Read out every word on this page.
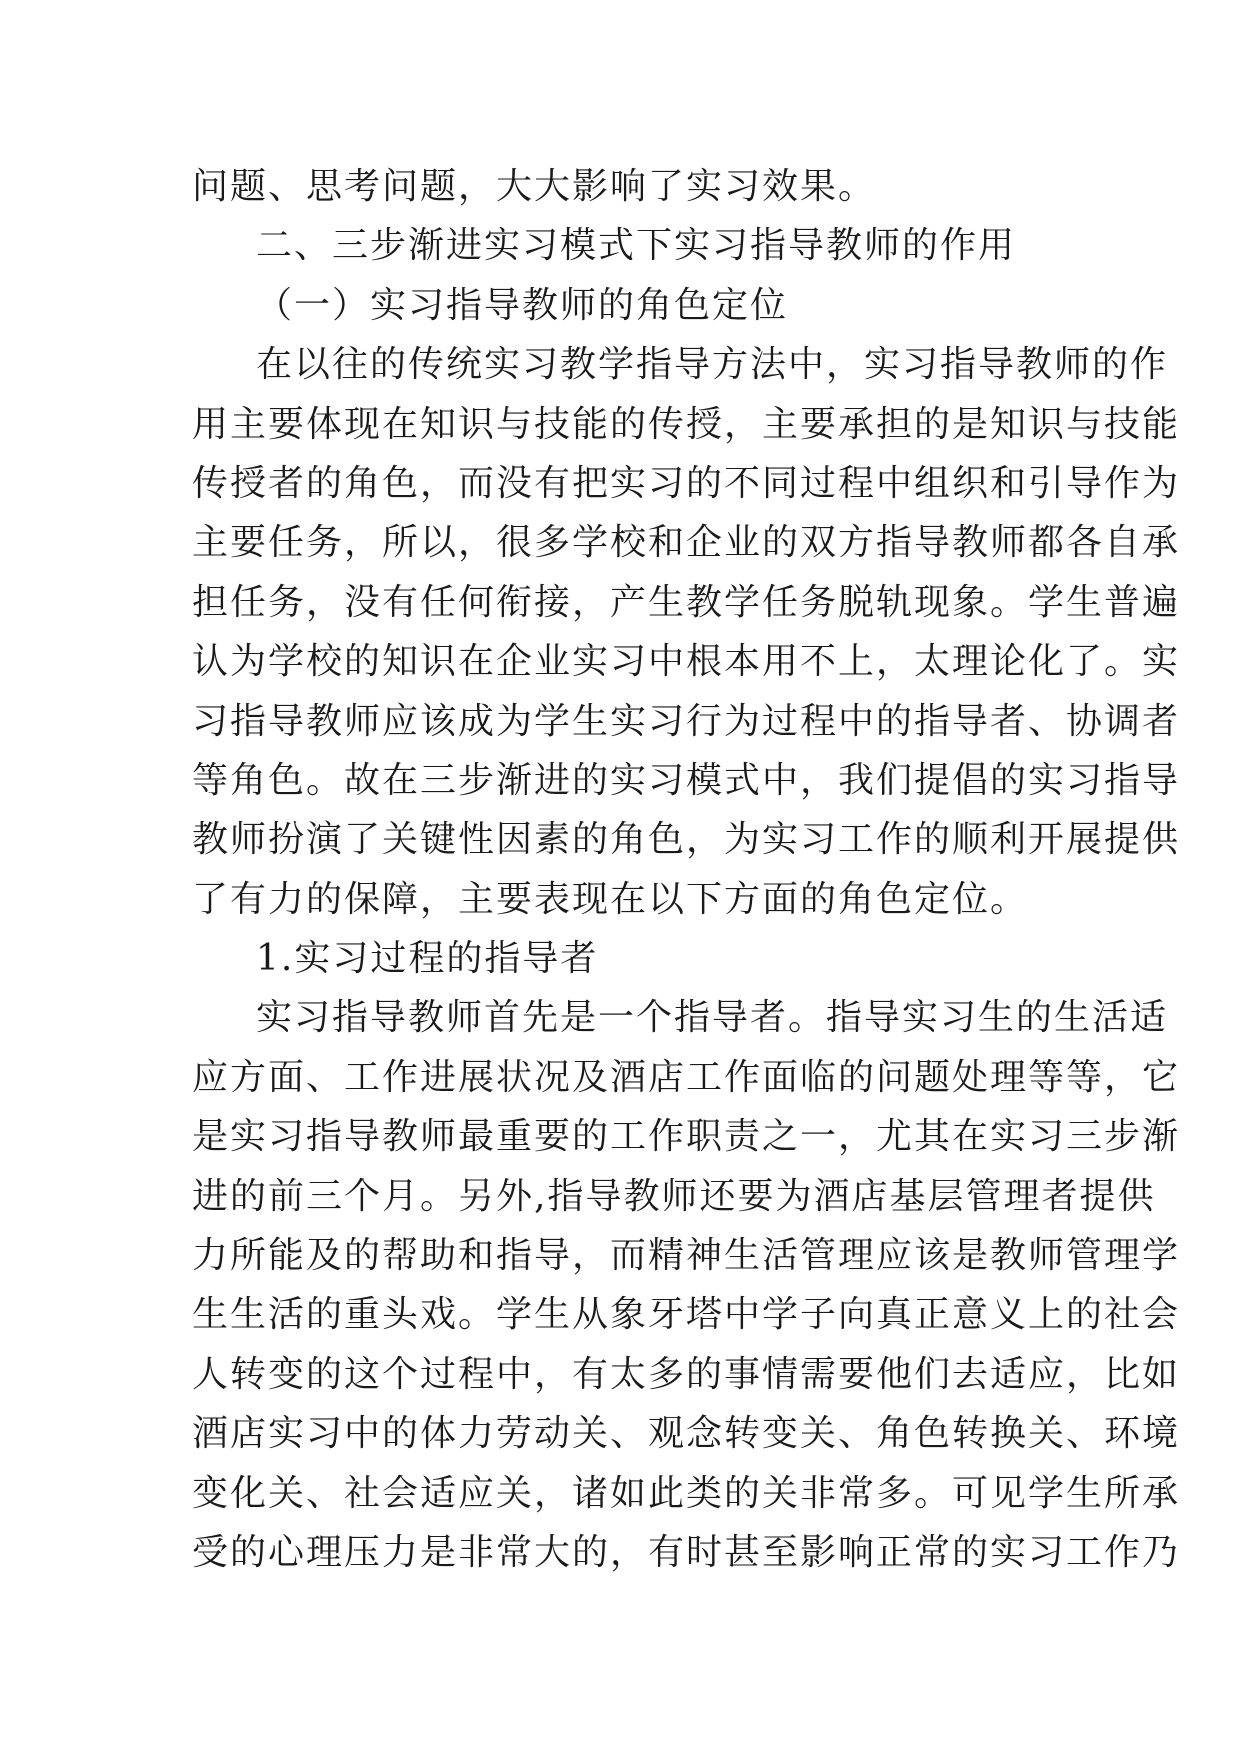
问题、思考问题，大大影响了实习效果。
二、三步渐进实习模式下实习指导教师的作用
（一）实习指导教师的角色定位
在以往的传统实习教学指导方法中，实习指导教师的作
用主要体现在知识与技能的传授，主要承担的是知识与技能
传授者的角色，而没有把实习的不同过程中组织和引导作为
主要任务，所以，很多学校和企业的双方指导教师都各自承
担任务，没有任何衔接，产生教学任务脱轨现象。学生普遍
认为学校的知识在企业实习中根本用不上，太理论化了。实
习指导教师应该成为学生实习行为过程中的指导者、协调者
等角色。故在三步渐进的实习模式中，我们提倡的实习指导
教师扮演了关键性因素的角色，为实习工作的顺利开展提供
了有力的保障，主要表现在以下方面的角色定位。
1.实习过程的指导者
实习指导教师首先是一个指导者。指导实习生的生活适
应方面、工作进展状况及酒店工作面临的问题处理等等，它
是实习指导教师最重要的工作职责之一，尤其在实习三步渐
进的前三个月。另外,指导教师还要为酒店基层管理者提供
力所能及的帮助和指导，而精神生活管理应该是教师管理学
生生活的重头戏。学生从象牙塔中学子向真正意义上的社会
人转变的这个过程中，有太多的事情需要他们去适应，比如
酒店实习中的体力劳动关、观念转变关、角色转换关、环境
变化关、社会适应关，诸如此类的关非常多。可见学生所承
受的心理压力是非常大的，有时甚至影响正常的实习工作乃
